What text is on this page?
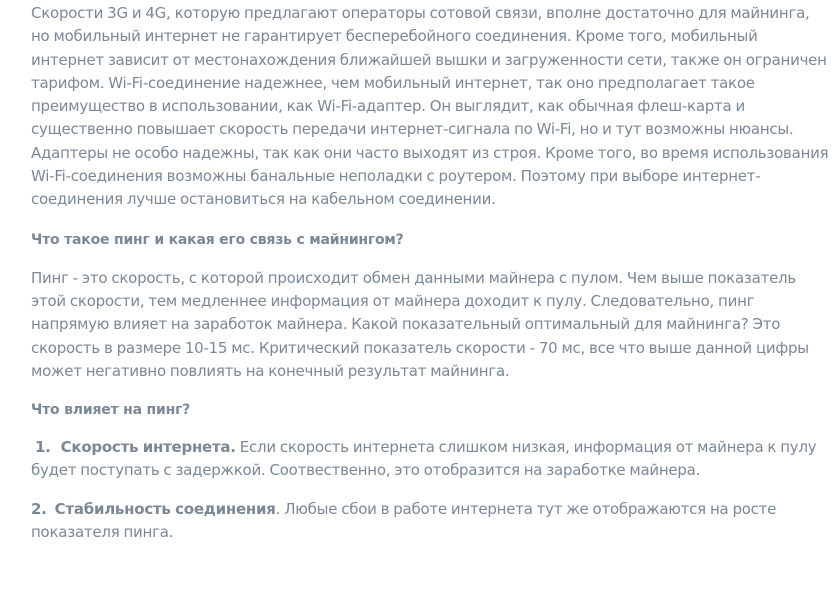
Скорости 3G и 4G, которую предлагают операторы сотовой связи, вполне достаточно для майнинга, но мобильный интернет не гарантирует бесперебойного соединения. Кроме того, мобильный интернет зависит от местонахождения ближайшей вышки и загруженности сети, также он ограничен тарифом. Wi-Fi-соединение надежнее, чем мобильный интернет, так оно предполагает такое преимущество в использовании, как Wi-Fi-адаптер. Он выглядит, как обычная флеш-карта и существенно повышает скорость передачи интернет-сигнала по Wi-Fi, но и тут возможны нюансы. Адаптеры не особо надежны, так как они часто выходят из строя. Кроме того, во время использования Wi-Fi-соединения возможны банальные неполадки с роутером. Поэтому при выборе интернет-соединения лучше остановиться на кабельном соединении.

Что такое пинг и какая его связь с майнингом?

Пинг - это скорость, с которой происходит обмен данными майнера с пулом. Чем выше показатель этой скорости, тем медленнее информация от майнера доходит к пулу. Следовательно, пинг напрямую влияет на заработок майнера. Какой показательный оптимальный для майнинга? Это скорость в размере 10-15 мс. Критический показатель скорости - 70 мс, все что выше данной цифры может негативно повлиять на конечный результат майнинга.

Что влияет на пинг?
1. Скорость интернета. Если скорость интернета слишком низкая, информация от майнера к пулу будет поступать с задержкой. Соотвественно, это отобразится на заработке майнера.
2. Стабильность соединения. Любые сбои в работе интернета тут же отображаются на росте показателя пинга.
